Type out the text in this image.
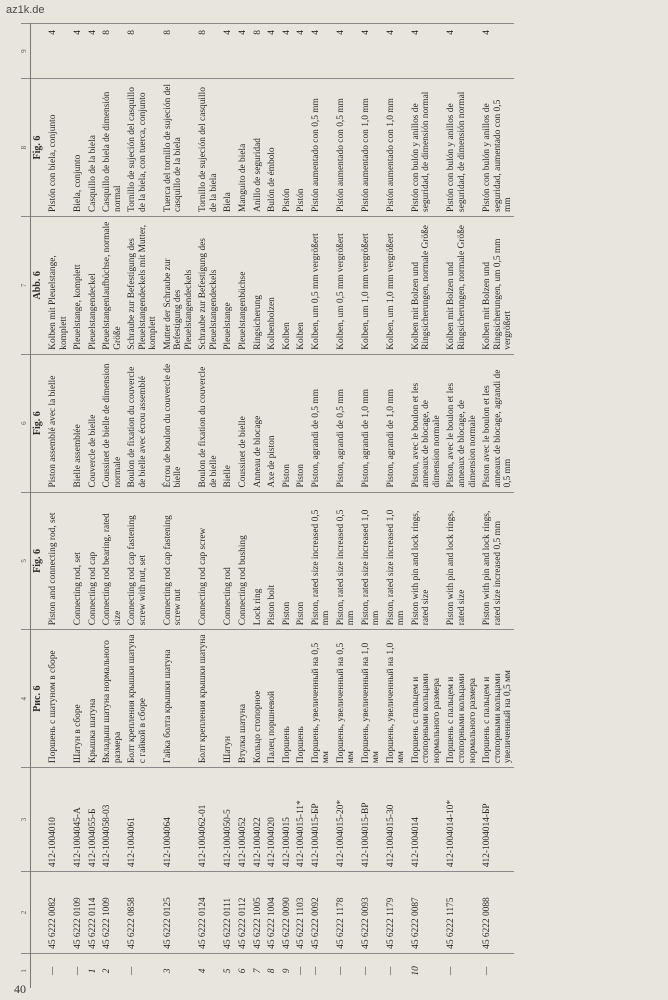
az1k.de
1	2	3	4	5	6	7	8	9
			Рис. 6	Fig. 6	Fig. 6	Abb. 6	Fig. 6	
—	45 6222 0082	412-1004010	Поршень с шатуном в сборе	Piston and connecting rod, set	Piston assemblé avec la bielle	Kolben mit Pleuelstange, komplett	Pistón con biela, conjunto	4
—	45 6222 0109	412-1004045-A	Шатун в сборе	Connecting rod, set	Bielle assemblée	Pleuelstange, komplett	Biela, conjunto	4
1	45 6222 0114	412-1004055-Б	Крышка шатуна	Connecting rod cap	Couvercle de bielle	Pleuelstangendeckel	Casquillo de la biela	4
2	45 6222 1009	412-1004058-03	Вкладыш шатуна нормального размера	Connecting rod bearing, rated size	Coussinet de bielle de dimension normale	Pleuelstangenlaufbüchse, normale Größe	Casquillo de biela de dimensión normal	8
—	45 6222 0858	412-1004061	Болт крепления крышки шатуна с гайкой в сборе	Connecting rod cap fastening screw with nut, set	Boulon de fixation du couvercle de bielle avec écrou assemblé	Schraube zur Befestigung des Pleuelstangendeckels mit Mutter, komplett	Tornillo de sujeción del casquillo de la biela, con tuerca, conjunto	8
3	45 6222 0125	412-1004064	Гайка болта крышки шатуна	Connecting rod cap fastening screw nut	Écrou de boulon du couvercle de bielle	Mutter der Schraube zur Befestigung des Pleuelstangendeckels	Tuerca del tornillo de sujeción del casquillo de la biela	8
4	45 6222 0124	412-1004062-01	Болт крепления крышки шатуна	Connecting rod cap screw	Boulon de fixation du couvercle de bielle	Schraube zur Befestigung des Pleuelstangendeckels	Tornillo de sujeción del casquillo de la biela	8
5	45 6222 0111	412-1004050-5	Шатун	Connecting rod	Bielle	Pleuelstange	Biela	4
6	45 6222 0112	412-1004052	Втулка шатуна	Connecting rod bushing	Coussinet de bielle	Pleuelstangenbüchse	Manguito de biela	4
7	45 6222 1005	412-1004022	Кольцо стопорное	Lock ring	Anneau de blocage	Ringsicherung	Anillo de seguridad	8
8	45 6222 1004	412-1004020	Палец поршневой	Piston bolt	Axe de piston	Kolbenbolzen	Bulón de émbolo	4
9	45 6222 0090	412-1004015	Поршень	Piston	Piston	Kolben	Pistón	4
—	45 6222 1103	412-1004015-11*	Поршень	Piston	Piston	Kolben	Pistón	4
—	45 6222 0092	412-1004015-БР	Поршень, увеличенный на 0,5 мм	Piston, rated size increased 0,5 mm	Piston, agrandi de 0,5 mm	Kolben, um 0,5 mm vergrößert	Pistón aumentado con 0,5 mm	4
—	45 6222 1178	412-1004015-20*	Поршень, увеличенный на 0,5 мм	Piston, rated size increased 0,5 mm	Piston, agrandi de 0,5 mm	Kolben, um 0,5 mm vergrößert	Pistón aumentado con 0,5 mm	4
—	45 6222 0093	412-1004015-ВР	Поршень, увеличенный на 1,0 мм	Piston, rated size increased 1,0 mm	Piston, agrandi de 1,0 mm	Kolben, um 1,0 mm vergrößert	Pistón aumentado con 1,0 mm	4
—	45 6222 1179	412-1004015-30	Поршень, увеличенный на 1,0 мм	Piston, rated size increased 1,0 mm	Piston, agrandi de 1,0 mm	Kolben, um 1,0 mm vergrößert	Pistón aumentado con 1,0 mm	4
10	45 6222 0087	412-1004014	Поршень с пальцем и стопорными кольцами нормального размера	Piston with pin and lock rings, rated size	Piston, avec le boulon et les anneaux de blocage, de dimension normale	Kolben mit Bolzen und Ringsicherungen, normale Größe	Pistón con bulón y anillos de seguridad, de dimensión normal	4
—	45 6222 1175	412-1004014-10*	Поршень с пальцем и стопорными кольцами нормального размера	Piston with pin and lock rings, rated size	Piston, avec le boulon et les anneaux de blocage, de dimension normale	Kolben mit Bolzen und Ringsicherungen, normale Größe	Pistón con bulón y anillos de seguridad, de dimensión normal	4
—	45 6222 0088	412-1004014-БР	Поршень с пальцем и стопорными кольцами увеличенный на 0,5 мм	Piston with pin and lock rings, rated size increased 0,5 mm	Piston avec le boulon et les anneaux de blocage, agrandi de 0,5 mm	Kolben mit Bolzen und Ringsicherungen, um 0,5 mm vergrößert	Pistón con bulón y anillos de seguridad, aumentado con 0,5 mm	4
40
